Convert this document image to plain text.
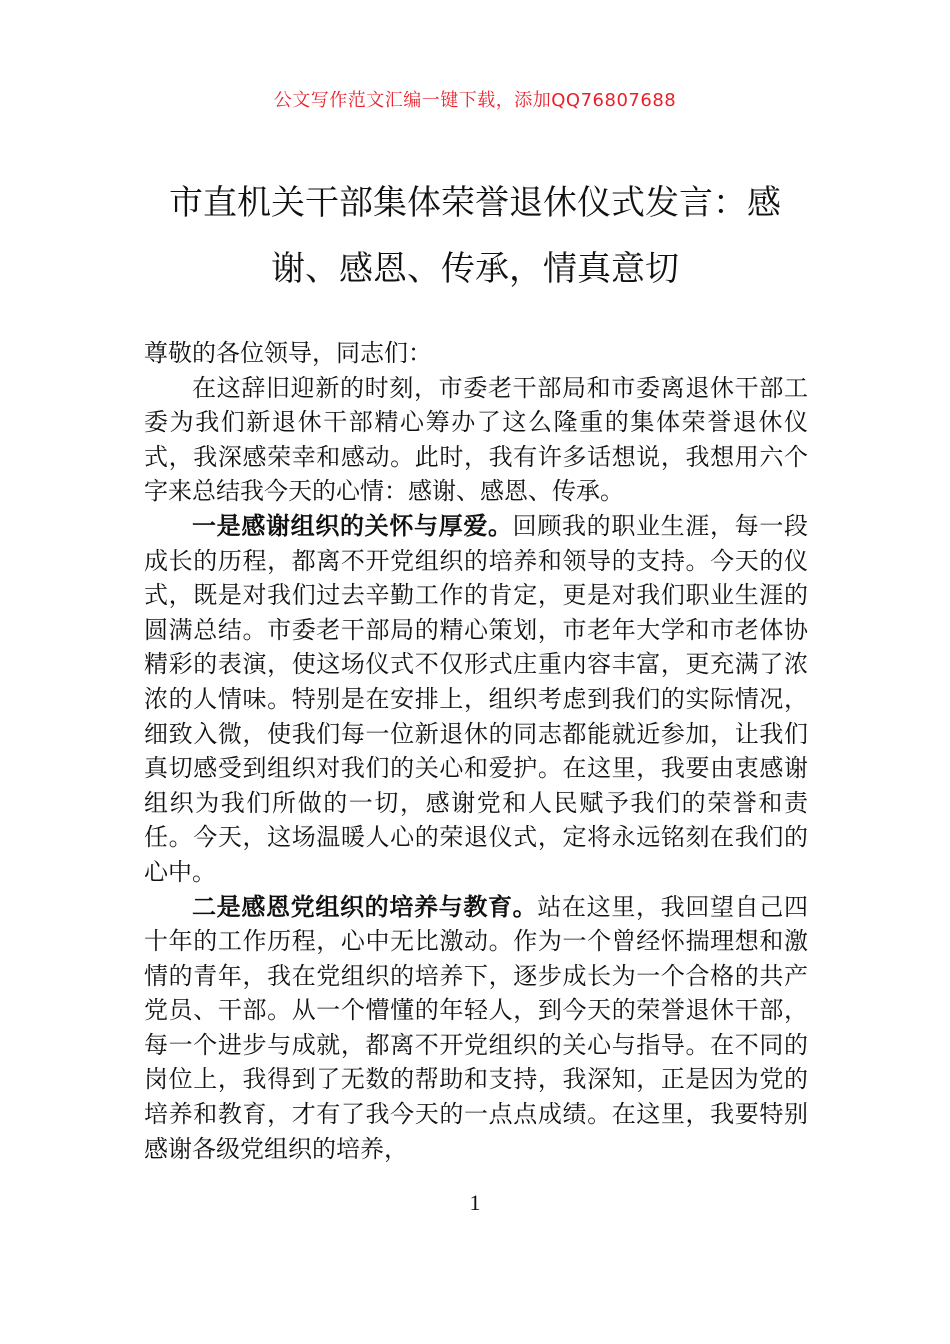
公文写作范文汇编一键下载，添加QQ76807688
市直机关干部集体荣誉退休仪式发言：感谢、感恩、传承，情真意切

尊敬的各位领导，同志们：

在这辞旧迎新的时刻，市委老干部局和市委离退休干部工委为我们新退休干部精心筹办了这么隆重的集体荣誉退休仪式，我深感荣幸和感动。此时，我有许多话想说，我想用六个字来总结我今天的心情：感谢、感恩、传承。

一是感谢组织的关怀与厚爱。回顾我的职业生涯，每一段成长的历程，都离不开党组织的培养和领导的支持。今天的仪式，既是对我们过去辛勤工作的肯定，更是对我们职业生涯的圆满总结。市委老干部局的精心策划，市老年大学和市老体协精彩的表演，使这场仪式不仅形式庄重内容丰富，更充满了浓浓的人情味。特别是在安排上，组织考虑到我们的实际情况，细致入微，使我们每一位新退休的同志都能就近参加，让我们真切感受到组织对我们的关心和爱护。在这里，我要由衷感谢组织为我们所做的一切，感谢党和人民赋予我们的荣誉和责任。今天，这场温暖人心的荣退仪式，定将永远铭刻在我们的心中。

二是感恩党组织的培养与教育。站在这里，我回望自己四十年的工作历程，心中无比激动。作为一个曾经怀揣理想和激情的青年，我在党组织的培养下，逐步成长为一个合格的共产党员、干部。从一个懵懂的年轻人，到今天的荣誉退休干部，每一个进步与成就，都离不开党组织的关心与指导。在不同的岗位上，我得到了无数的帮助和支持，我深知，正是因为党的培养和教育，才有了我今天的一点点成绩。在这里，我要特别感谢各级党组织的培养，

1
